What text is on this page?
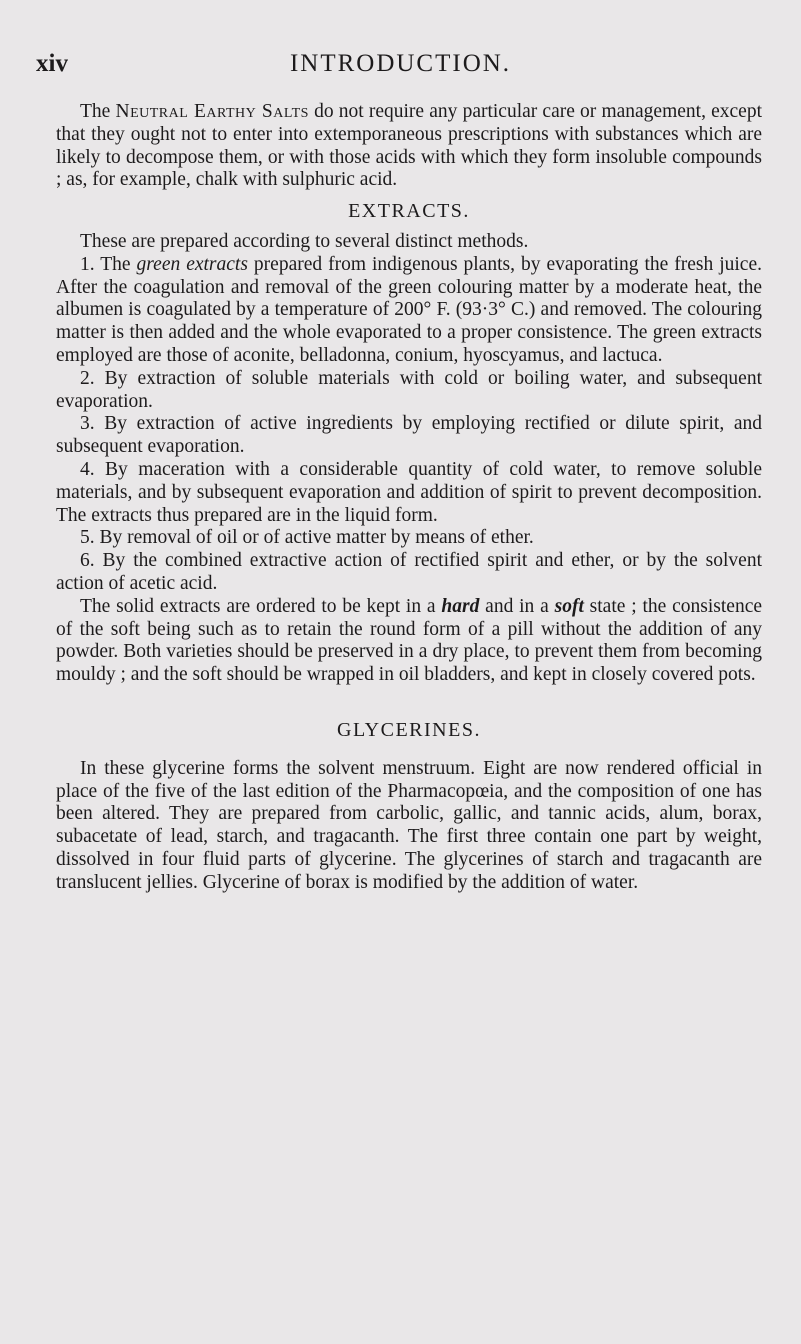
xiv	INTRODUCTION.

The Neutral Earthy Salts do not require any particular care or management, except that they ought not to enter into extemporaneous prescriptions with substances which are likely to decompose them, or with those acids with which they form insoluble compounds ; as, for example, chalk with sulphuric acid.

EXTRACTS.

These are prepared according to several distinct methods.

1. The green extracts prepared from indigenous plants, by evaporating the fresh juice. After the coagulation and removal of the green colouring matter by a moderate heat, the albumen is coagulated by a temperature of 200° F. (93·3° C.) and removed. The colouring matter is then added and the whole evaporated to a proper consistence. The green extracts employed are those of aconite, belladonna, conium, hyoscyamus, and lactuca.

2. By extraction of soluble materials with cold or boiling water, and subsequent evaporation.

3. By extraction of active ingredients by employing rectified or dilute spirit, and subsequent evaporation.

4. By maceration with a considerable quantity of cold water, to remove soluble materials, and by subsequent evaporation and addition of spirit to prevent decomposition. The extracts thus prepared are in the liquid form.

5. By removal of oil or of active matter by means of ether.

6. By the combined extractive action of rectified spirit and ether, or by the solvent action of acetic acid.

The solid extracts are ordered to be kept in a hard and in a soft state ; the consistence of the soft being such as to retain the round form of a pill without the addition of any powder. Both varieties should be preserved in a dry place, to prevent them from becoming mouldy ; and the soft should be wrapped in oil bladders, and kept in closely covered pots.

GLYCERINES.

In these glycerine forms the solvent menstruum. Eight are now rendered official in place of the five of the last edition of the Pharmacopœia, and the composition of one has been altered. They are prepared from carbolic, gallic, and tannic acids, alum, borax, subacetate of lead, starch, and tragacanth. The first three contain one part by weight, dissolved in four fluid parts of glycerine. The glycerines of starch and tragacanth are translucent jellies. Glycerine of borax is modified by the addition of water.
